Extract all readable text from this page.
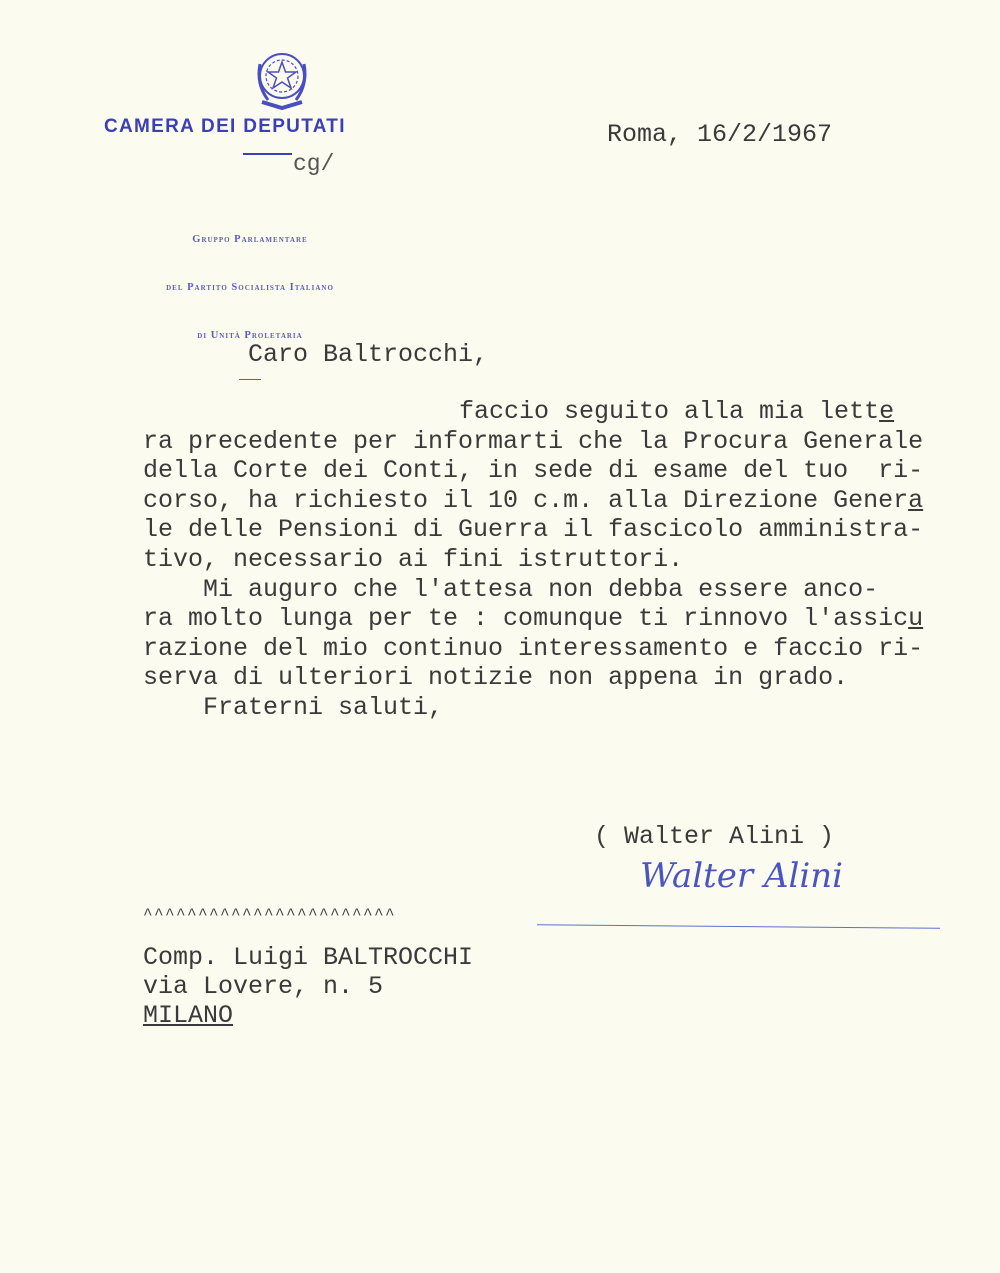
CAMERA DEI DEPUTATI
cg/

Gruppo Parlamentare

del Partito Socialista Italiano

di Unità Proletaria

Roma, 16/2/1967
Caro Baltrocchi,
faccio seguito alla mia lette
ra precedente per informarti che la Procura Generale
della Corte dei Conti, in sede di esame del tuo  ri-
corso, ha richiesto il 10 c.m. alla Direzione Genera
le delle Pensioni di Guerra il fascicolo amministra-
tivo, necessario ai fini istruttori.
Mi auguro che l'attesa non debba essere anco-
ra molto lunga per te : comunque ti rinnovo l'assicu
razione del mio continuo interessamento e faccio ri-
serva di ulteriori notizie non appena in grado.
Fraterni saluti,
( Walter Alini )
Walter Alini
^^^^^^^^^^^^^^^^^^^^^^^
Comp. Luigi BALTROCCHI
via Lovere, n. 5
MILANO
